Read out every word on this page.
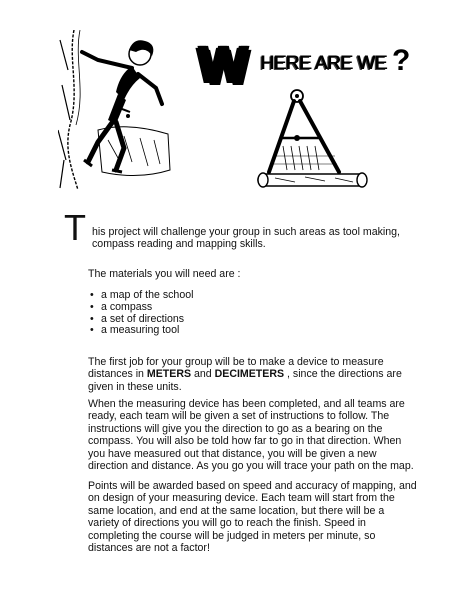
W HERE ARE WE ?
T his project will challenge your group in such areas as tool making, compass reading and mapping skills.
The materials you will need are :
• a map of the school
• a compass
• a set of directions
• a measuring tool
The first job for your group will be to make a device to measure distances in METERS and DECIMETERS , since the directions are given in these units.
When the measuring device has been completed, and all teams are ready, each team will be given a set of instructions to follow. The instructions will give you the direction to go as a bearing on the compass. You will also be told how far to go in that direction. When you have measured out that distance, you will be given a new direction and distance. As you go you will trace your path on the map.
Points will be awarded based on speed and accuracy of mapping, and on design of your measuring device. Each team will start from the same location, and end at the same location, but there will be a variety of directions you will go to reach the finish. Speed in completing the course will be judged in meters per minute, so distances are not a factor!
